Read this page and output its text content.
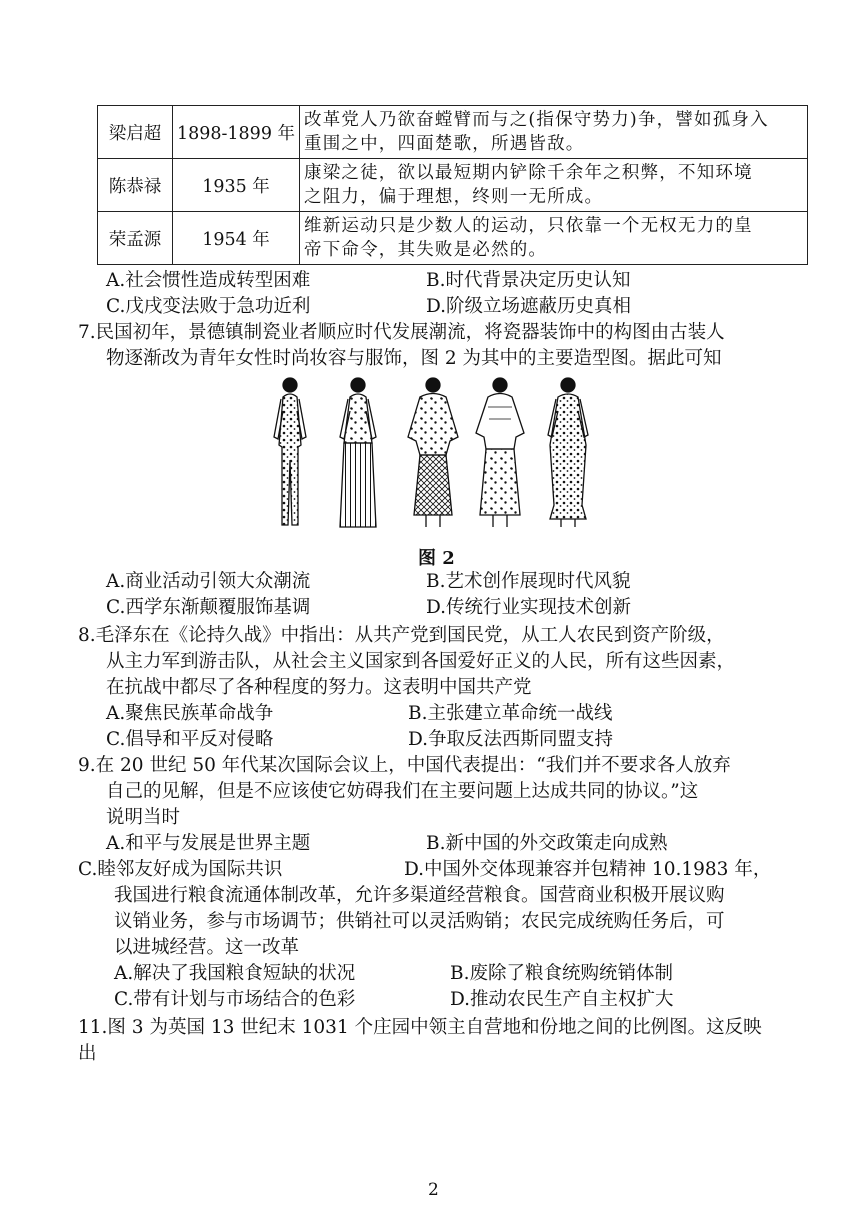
梁启超	1898-1899 年	改革党人乃欲奋螳臂而与之(指保守势力)争，譬如孤身入
重围之中，四面楚歌，所遇皆敌。

陈恭禄	1935 年	康梁之徒，欲以最短期内铲除千余年之积弊，不知环境
之阻力，偏于理想，终则一无所成。

荣孟源	1954 年	维新运动只是少数人的运动，只依靠一个无权无力的皇
帝下命令，其失败是必然的。
A.社会惯性造成转型困难	B.时代背景决定历史认知
C.戊戌变法败于急功近利	D.阶级立场遮蔽历史真相
7.民国初年，景德镇制瓷业者顺应时代发展潮流，将瓷器装饰中的构图由古装人
物逐渐改为青年女性时尚妆容与服饰，图 2 为其中的主要造型图。据此可知
图 2
A.商业活动引领大众潮流	B.艺术创作展现时代风貌
C.西学东渐颠覆服饰基调	D.传统行业实现技术创新
8.毛泽东在《论持久战》中指出：从共产党到国民党，从工人农民到资产阶级，
从主力军到游击队，从社会主义国家到各国爱好正义的人民，所有这些因素，
在抗战中都尽了各种程度的努力。这表明中国共产党
A.聚焦民族革命战争	B.主张建立革命统一战线
C.倡导和平反对侵略	D.争取反法西斯同盟支持
9.在 20 世纪 50 年代某次国际会议上，中国代表提出：“我们并不要求各人放弃
自己的见解，但是不应该使它妨碍我们在主要问题上达成共同的协议。”这
说明当时
A.和平与发展是世界主题	B.新中国的外交政策走向成熟
C.睦邻友好成为国际共识	D.中国外交体现兼容并包精神 10.1983 年，
我国进行粮食流通体制改革，允许多渠道经营粮食。国营商业积极开展议购
议销业务，参与市场调节；供销社可以灵活购销；农民完成统购任务后，可
以进城经营。这一改革
A.解决了我国粮食短缺的状况	B.废除了粮食统购统销体制
C.带有计划与市场结合的色彩	D.推动农民生产自主权扩大
11.图 3 为英国 13 世纪末 1031 个庄园中领主自营地和份地之间的比例图。这反映
出
2
